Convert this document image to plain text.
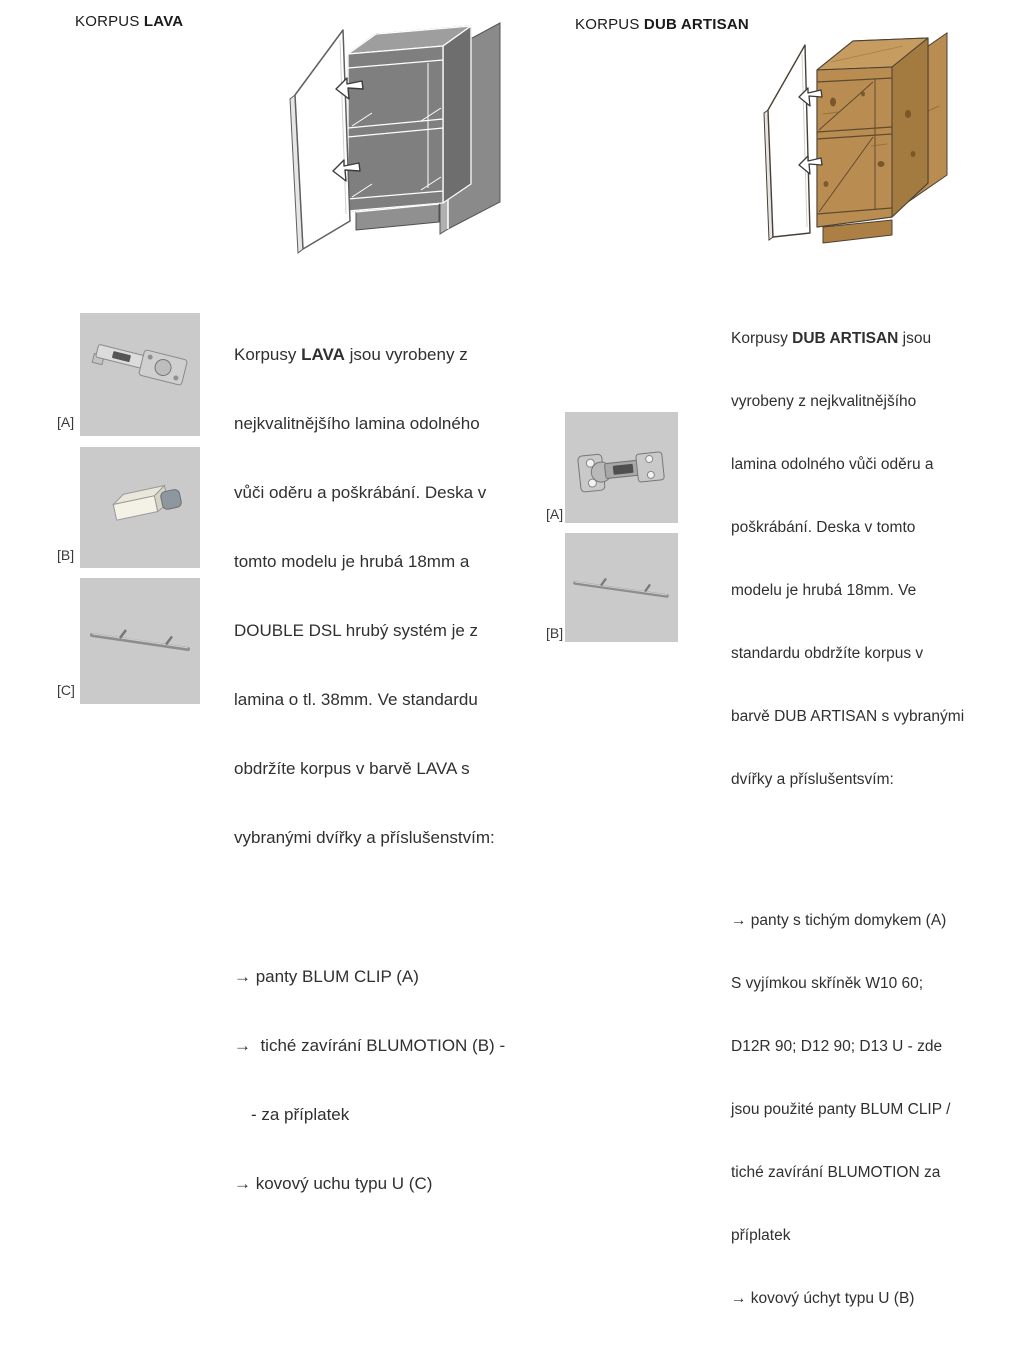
KORPUS LAVA
[A]
[B]
[C]

Korpusy LAVA jsou vyrobeny z

nejkvalitnějšího lamina odolného

vůči oděru a poškrábání. Deska v

tomto modelu je hrubá 18mm a

DOUBLE DSL hrubý systém je z

lamina o tl. 38mm. Ve standardu

obdržíte korpus v barvě LAVA s

vybranými dvířky a příslušenstvím:

→ panty BLUM CLIP (A)

→  tiché zavírání BLUMOTION (B) -

- za příplatek

→ kovový uchu typu U (C)

KORPUS DUB ARTISAN

Korpusy DUB ARTISAN jsou

vyrobeny z nejkvalitnějšího

lamina odolného vůči oděru a

poškrábání. Deska v tomto

modelu je hrubá 18mm. Ve

standardu obdržíte korpus v

barvě DUB ARTISAN s vybranými

dvířky a příslušentsvím:

→ panty s tichým domykem (A)

S vyjímkou skříněk W10 60;

D12R 90; D12 90; D13 U - zde

jsou použité panty BLUM CLIP /

tiché zavírání BLUMOTION za

příplatek

→ kovový úchyt typu U (B)

[A]
[B]
